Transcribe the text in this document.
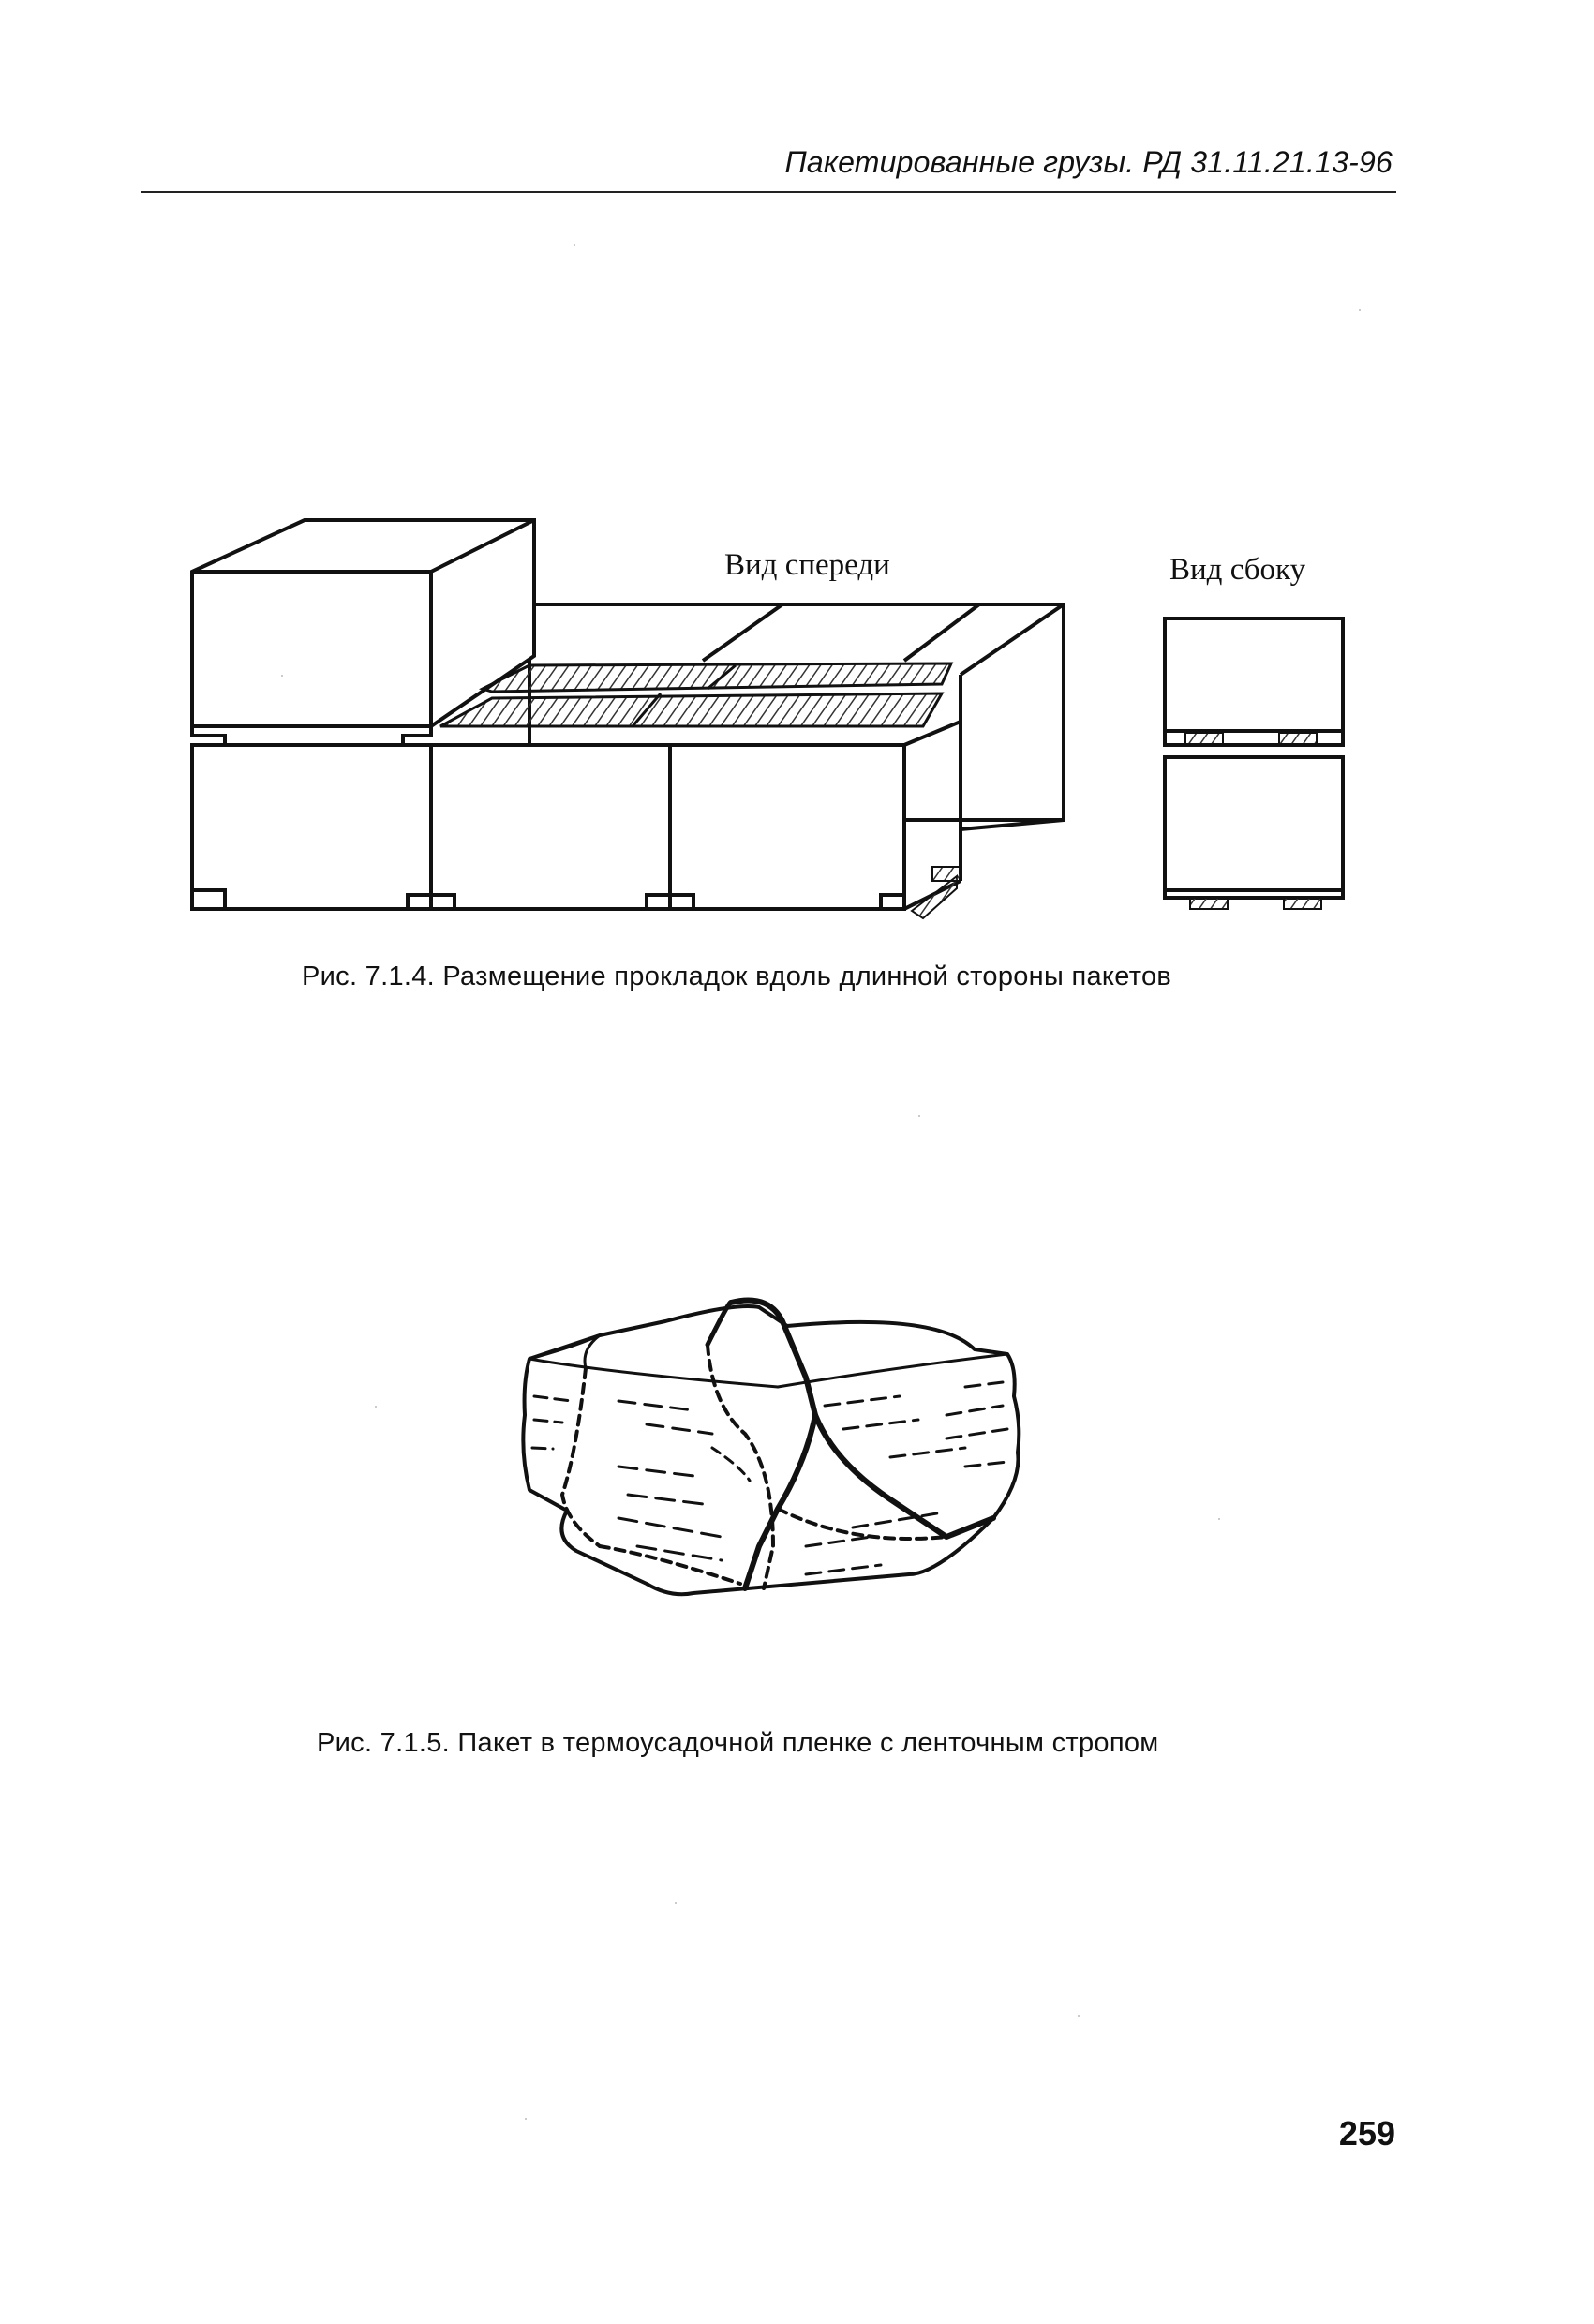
Пакетированные грузы. РД 31.11.21.13-96
Вид спереди	Вид сбоку
Рис. 7.1.4. Размещение прокладок вдоль длинной стороны пакетов
Рис. 7.1.5. Пакет в термоусадочной пленке с ленточным стропом
259
